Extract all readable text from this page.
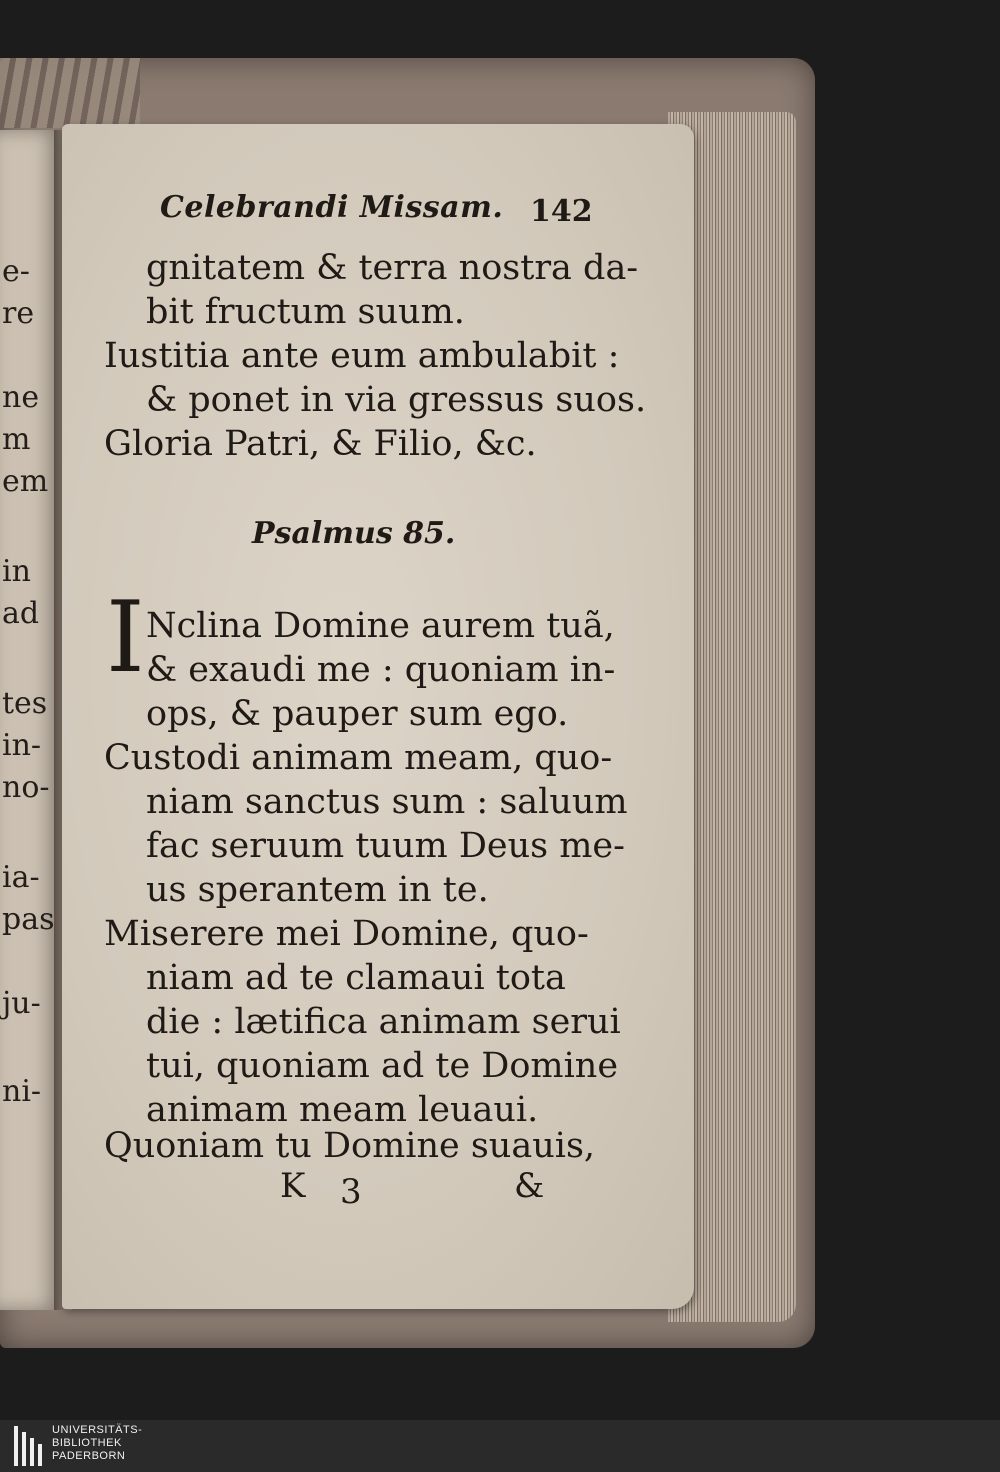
e-
re
ne
m
em
in
ad
tes
in-
no-
ia-
pas
ju-
ni-
Celebrandi Missam. 142
gnitatem & terra nostra da-
bit fructum suum.
Iustitia ante eum ambulabit :
& ponet in via gressus suos.
Gloria Patri, & Filio, &c.
Psalmus 85.
I Nclina Domine aurem tuã,
& exaudi me : quoniam in-
ops, & pauper sum ego.
Custodi animam meam, quo-
niam sanctus sum : saluum
fac seruum tuum Deus me-
us sperantem in te.
Miserere mei Domine, quo-
niam ad te clamaui tota
die : lætifica animam serui
tui, quoniam ad te Domine
animam meam leuaui.
Quoniam tu Domine suauis,
K 3	&
UNIVERSITÄTS-
BIBLIOTHEK
PADERBORN
